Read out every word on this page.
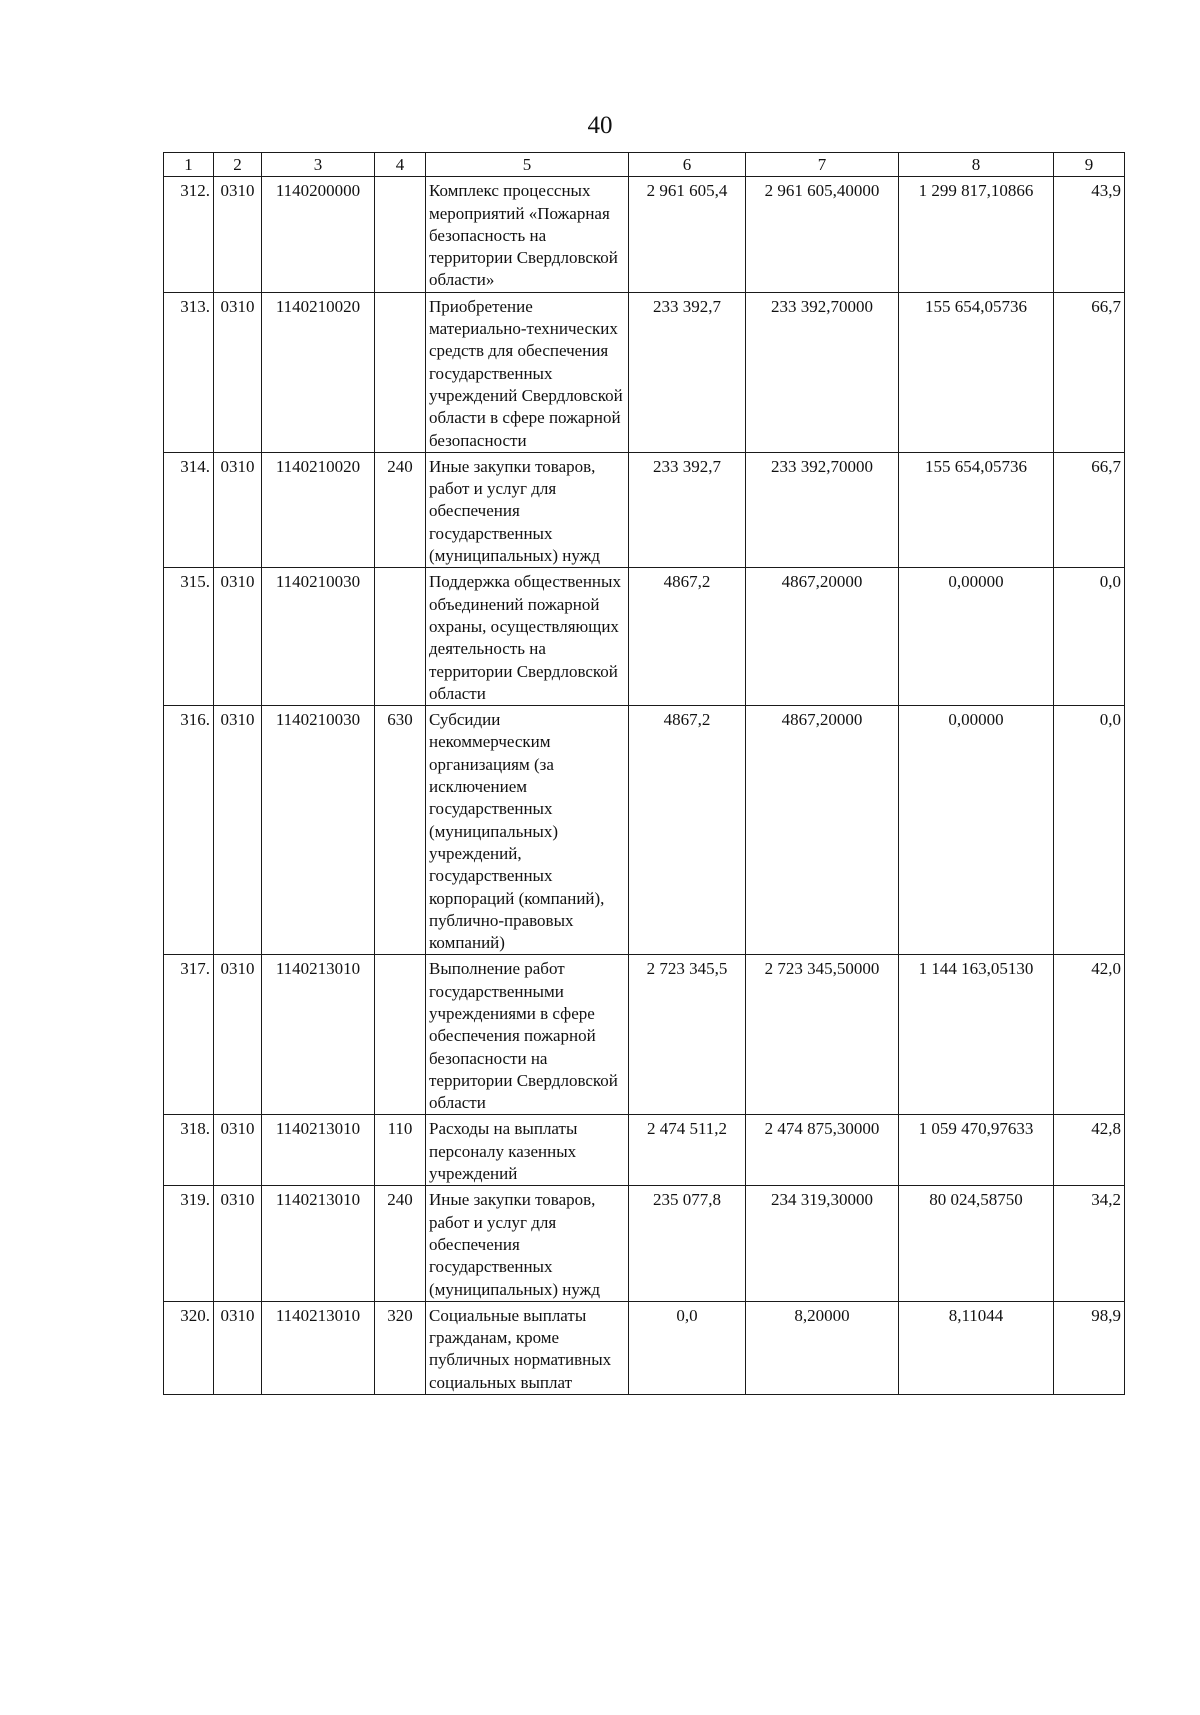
40
1	2	3	4	5	6	7	8	9
312.	0310	1140200000		Комплекс процессных мероприятий «Пожарная безопасность на территории Свердловской области»	2 961 605,4	2 961 605,40000	1 299 817,10866	43,9
313.	0310	1140210020		Приобретение материально-технических средств для обеспечения государственных учреждений Свердловской области в сфере пожарной безопасности	233 392,7	233 392,70000	155 654,05736	66,7
314.	0310	1140210020	240	Иные закупки товаров, работ и услуг для обеспечения государственных (муниципальных) нужд	233 392,7	233 392,70000	155 654,05736	66,7
315.	0310	1140210030		Поддержка общественных объединений пожарной охраны, осуществляющих деятельность на территории Свердловской области	4867,2	4867,20000	0,00000	0,0
316.	0310	1140210030	630	Субсидии некоммерческим организациям (за исключением государственных (муниципальных) учреждений, государственных корпораций (компаний), публично-правовых компаний)	4867,2	4867,20000	0,00000	0,0
317.	0310	1140213010		Выполнение работ государственными учреждениями в сфере обеспечения пожарной безопасности на территории Свердловской области	2 723 345,5	2 723 345,50000	1 144 163,05130	42,0
318.	0310	1140213010	110	Расходы на выплаты персоналу казенных учреждений	2 474 511,2	2 474 875,30000	1 059 470,97633	42,8
319.	0310	1140213010	240	Иные закупки товаров, работ и услуг для обеспечения государственных (муниципальных) нужд	235 077,8	234 319,30000	80 024,58750	34,2
320.	0310	1140213010	320	Социальные выплаты гражданам, кроме публичных нормативных социальных выплат	0,0	8,20000	8,11044	98,9
